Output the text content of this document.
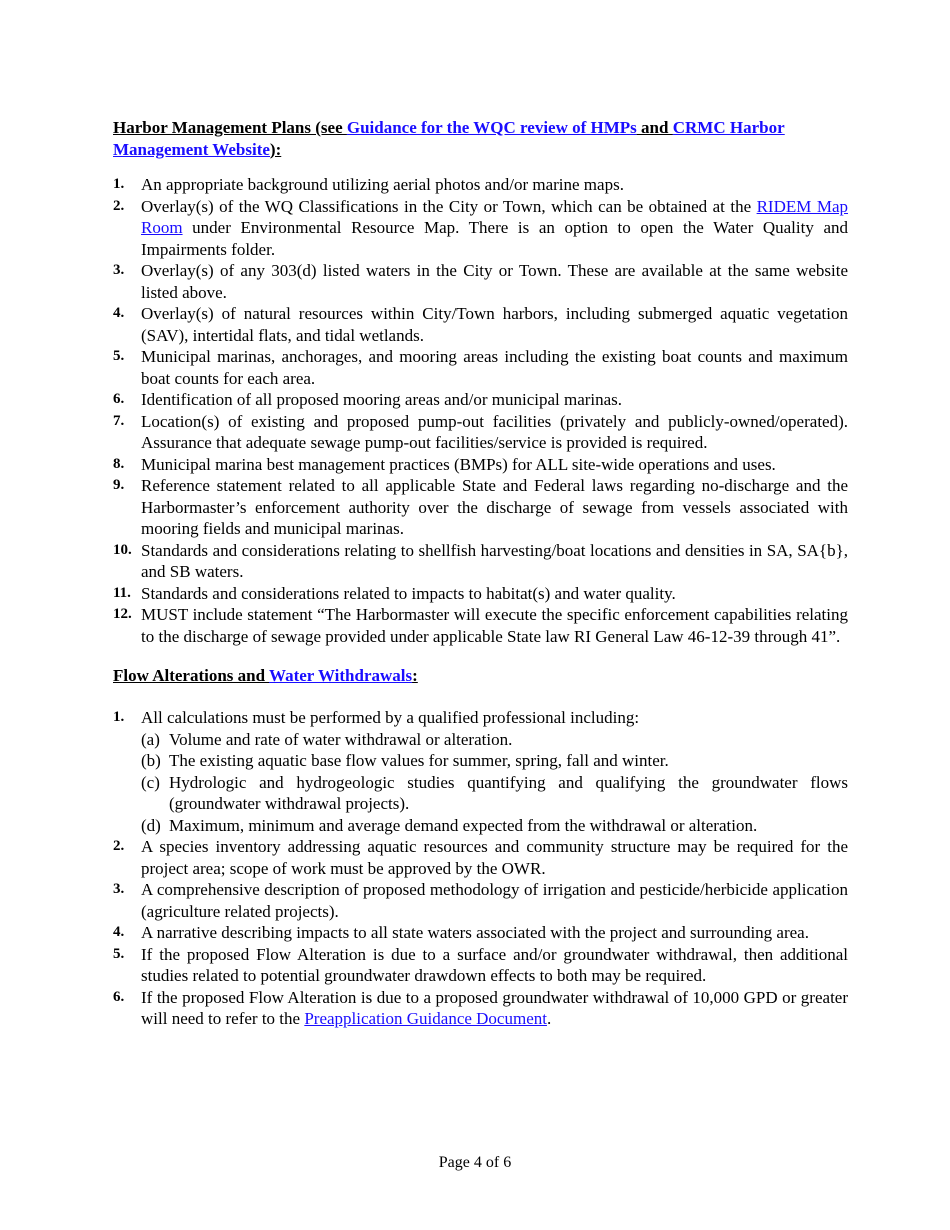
Harbor Management Plans (see Guidance for the WQC review of HMPs and CRMC Harbor Management Website):

1. An appropriate background utilizing aerial photos and/or marine maps.
2. Overlay(s) of the WQ Classifications in the City or Town, which can be obtained at the RIDEM Map Room under Environmental Resource Map. There is an option to open the Water Quality and Impairments folder.
3. Overlay(s) of any 303(d) listed waters in the City or Town. These are available at the same website listed above.
4. Overlay(s) of natural resources within City/Town harbors, including submerged aquatic vegetation (SAV), intertidal flats, and tidal wetlands.
5. Municipal marinas, anchorages, and mooring areas including the existing boat counts and maximum boat counts for each area.
6. Identification of all proposed mooring areas and/or municipal marinas.
7. Location(s) of existing and proposed pump-out facilities (privately and publicly-owned/operated). Assurance that adequate sewage pump-out facilities/service is provided is required.
8. Municipal marina best management practices (BMPs) for ALL site-wide operations and uses.
9. Reference statement related to all applicable State and Federal laws regarding no-discharge and the Harbormaster’s enforcement authority over the discharge of sewage from vessels associated with mooring fields and municipal marinas.
10. Standards and considerations relating to shellfish harvesting/boat locations and densities in SA, SA{b}, and SB waters.
11. Standards and considerations related to impacts to habitat(s) and water quality.
12. MUST include statement “The Harbormaster will execute the specific enforcement capabilities relating to the discharge of sewage provided under applicable State law RI General Law 46-12-39 through 41”.

Flow Alterations and Water Withdrawals:

1. All calculations must be performed by a qualified professional including:
(a) Volume and rate of water withdrawal or alteration.
(b) The existing aquatic base flow values for summer, spring, fall and winter.
(c) Hydrologic and hydrogeologic studies quantifying and qualifying the groundwater flows (groundwater withdrawal projects).
(d) Maximum, minimum and average demand expected from the withdrawal or alteration.
2. A species inventory addressing aquatic resources and community structure may be required for the project area; scope of work must be approved by the OWR.
3. A comprehensive description of proposed methodology of irrigation and pesticide/herbicide application (agriculture related projects).
4. A narrative describing impacts to all state waters associated with the project and surrounding area.
5. If the proposed Flow Alteration is due to a surface and/or groundwater withdrawal, then additional studies related to potential groundwater drawdown effects to both may be required.
6. If the proposed Flow Alteration is due to a proposed groundwater withdrawal of 10,000 GPD or greater will need to refer to the Preapplication Guidance Document.
Page 4 of 6
